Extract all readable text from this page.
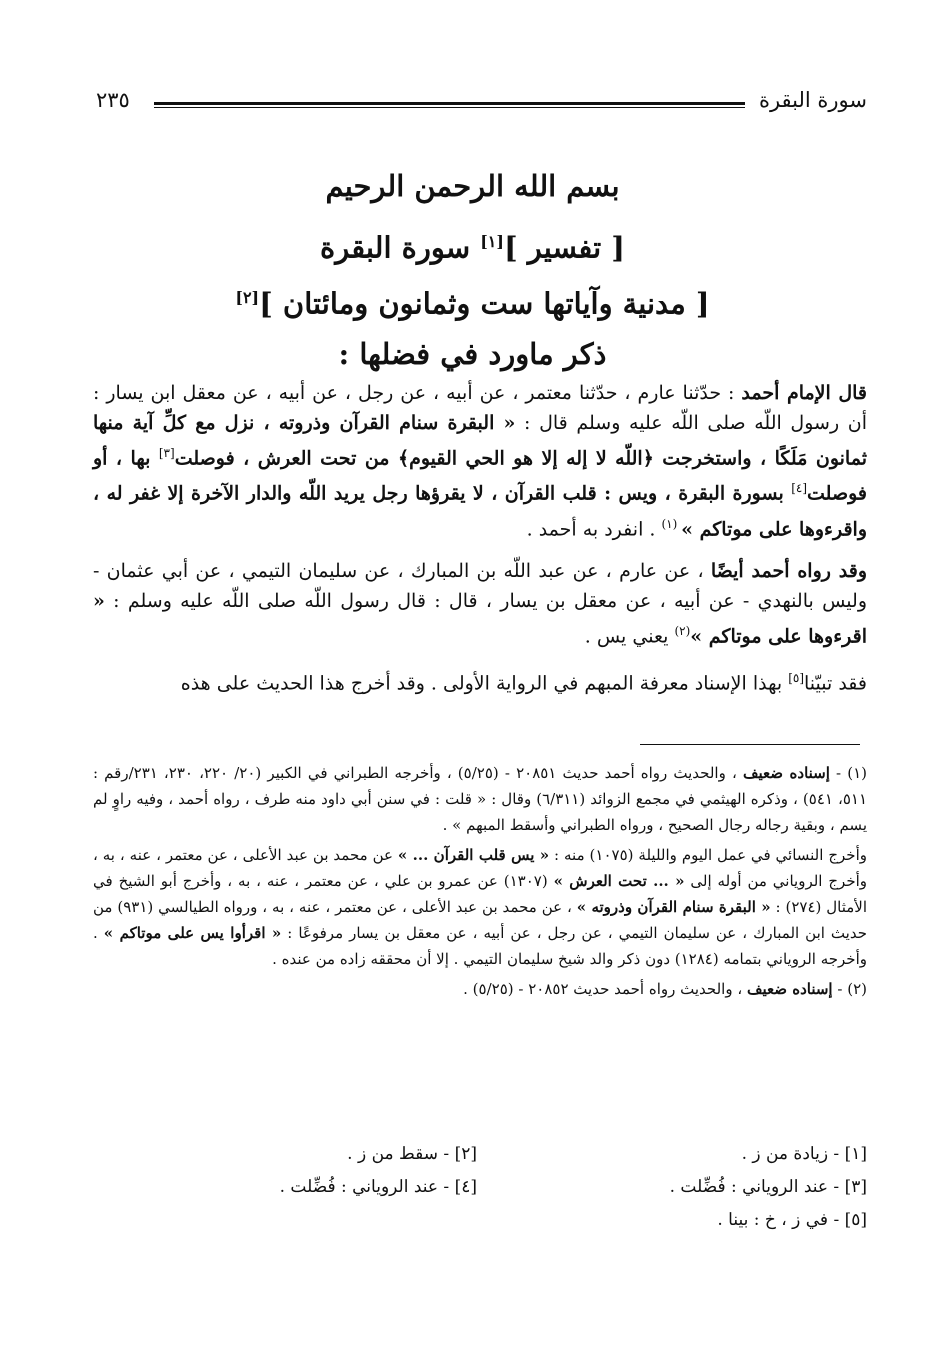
سورة البقرة
٢٣٥
بسم الله الرحمن الرحيم
[ تفسير ][١] سورة البقرة
[ مدنية وآياتها ست وثمانون ومائتان ][٢]
ذكر ماورد في فضلها :

قال الإمام أحمد : حدّثنا عارم ، حدّثنا معتمر ، عن أبيه ، عن رجل ، عن أبيه ، عن معقل ابن يسار : أن رسول اللّه صلى اللّه عليه وسلم قال : « البقرة سنام القرآن وذروته ، نزل مع كلِّ آية منها ثمانون مَلَكًا ، واستخرجت ﴿اللّه لا إله إلا هو الحي القيوم﴾ من تحت العرش ، فوصلت[٣] بها ، أو فوصلت[٤] بسورة البقرة ، ويس : قلب القرآن ، لا يقرؤها رجل يريد اللّه والدار الآخرة إلا غفر له ، واقرءوها على موتاكم » $^{(١)}$ . انفرد به أحمد .

وقد رواه أحمد أيضًا ، عن عارم ، عن عبد اللّه بن المبارك ، عن سليمان التيمي ، عن أبي عثمان - وليس بالنهدي - عن أبيه ، عن معقل بن يسار ، قال : قال رسول اللّه صلى اللّه عليه وسلم : « اقرءوها على موتاكم »$^{(٢)}$ يعني يس .

فقد تبيّنا[٥] بهذا الإسناد معرفة المبهم في الرواية الأولى . وقد أخرج هذا الحديث على هذه

(١) - إسناده ضعيف ، والحديث رواه أحمد حديث ٢٠٨٥١ - (٥/٢٥) ، وأخرجه الطبراني في الكبير (٢٠/ ٢٢٠، ٢٣٠، ٢٣١/رقم : ٥١١، ٥٤١) ، وذكره الهيثمي في مجمع الزوائد (٦/٣١١) وقال : « قلت : في سنن أبي داود منه طرف ، رواه أحمد ، وفيه راوٍ لم يسم ، وبقية رجاله رجال الصحيح ، ورواه الطبراني وأسقط المبهم » .

وأخرج النسائي في عمل اليوم والليلة (١٠٧٥) منه : « يس قلب القرآن ... » عن محمد بن عبد الأعلى ، عن معتمر ، عنه ، به ، وأخرج الروياني من أوله إلى « ... تحت العرش » (١٣٠٧) عن عمرو بن علي ، عن معتمر ، عنه ، به ، وأخرج أبو الشيخ في الأمثال (٢٧٤) : « البقرة سنام القرآن وذروته » ، عن محمد بن عبد الأعلى ، عن معتمر ، عنه ، به ، ورواه الطيالسي (٩٣١) من حديث ابن المبارك ، عن سليمان التيمي ، عن رجل ، عن أبيه ، عن معقل بن يسار مرفوعًا : « اقرأوا يس على موتاكم » . وأخرجه الروياني بتمامه (١٢٨٤) دون ذكر والد شيخ سليمان التيمي . إلا أن محققه زاده من عنده .

(٢) - إسناده ضعيف ، والحديث رواه أحمد حديث ٢٠٨٥٢ - (٥/٢٥) .

[١] - زيادة من ز .
[٢] - سقط من ز .
[٣] - عند الروياني : فُضِّلت .
[٤] - عند الروياني : فُضِّلت .
[٥] - في ز ، خ : بينا .
